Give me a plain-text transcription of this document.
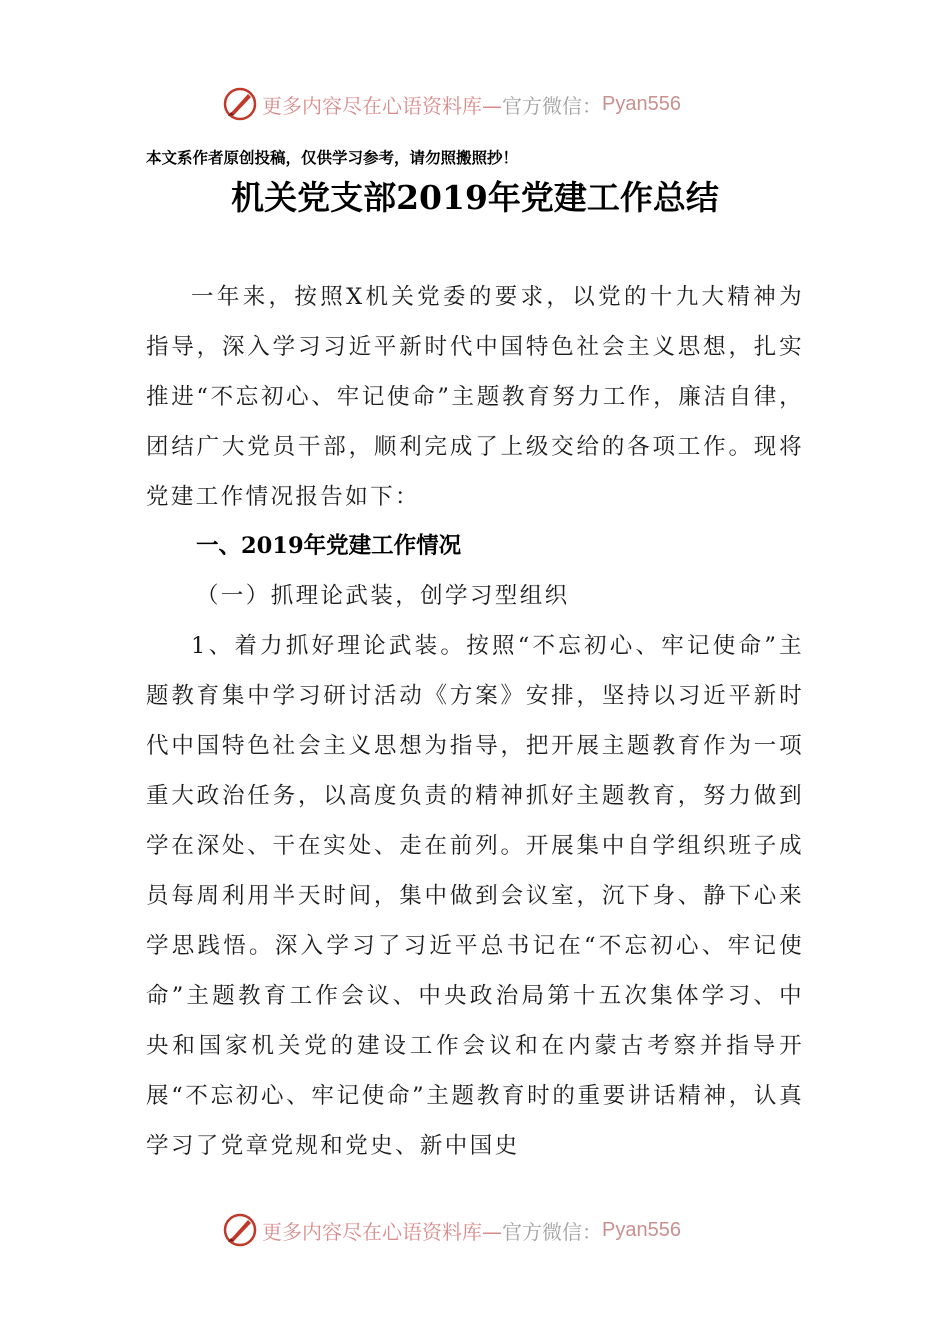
更多内容尽在心语资料库— 官方微信： Pyan556
本文系作者原创投稿，仅供学习参考，请勿照搬照抄！
机关党支部2019年党建工作总结

一年来，按照X机关党委的要求，以党的十九大精神为指导，深入学习习近平新时代中国特色社会主义思想，扎实推进“不忘初心、牢记使命”主题教育努力工作，廉洁自律，团结广大党员干部，顺利完成了上级交给的各项工作。现将党建工作情况报告如下：

一、2019年党建工作情况
（一）抓理论武装，创学习型组织

1、着力抓好理论武装。按照“不忘初心、牢记使命”主题教育集中学习研讨活动《方案》安排，坚持以习近平新时代中国特色社会主义思想为指导，把开展主题教育作为一项重大政治任务，以高度负责的精神抓好主题教育，努力做到学在深处、干在实处、走在前列。开展集中自学组织班子成员每周利用半天时间，集中做到会议室，沉下身、静下心来学思践悟。深入学习了习近平总书记在“不忘初心、牢记使命”主题教育工作会议、中央政治局第十五次集体学习、中央和国家机关党的建设工作会议和在内蒙古考察并指导开展“不忘初心、牢记使命”主题教育时的重要讲话精神，认真学习了党章党规和党史、新中国史

更多内容尽在心语资料库— 官方微信： Pyan556
